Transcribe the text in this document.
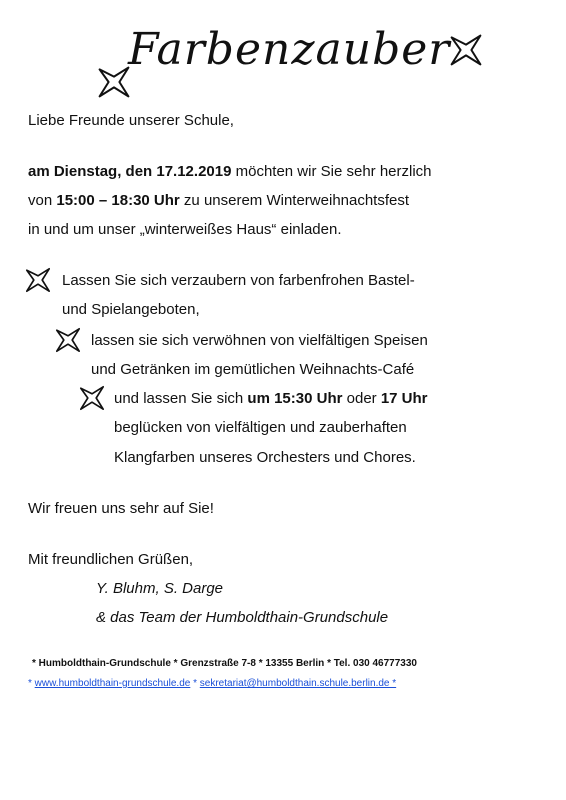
Farbenzauber
Liebe Freunde unserer Schule,
am Dienstag, den 17.12.2019 möchten wir Sie sehr herzlich
von 15:00 – 18:30 Uhr zu unserem Winterweihnachtsfest
in und um unser „winterweißes Haus“ einladen.
Lassen Sie sich verzaubern von farbenfrohen Bastel-
und Spielangeboten,
lassen sie sich verwöhnen von vielfältigen Speisen
und Getränken im gemütlichen Weihnachts-Café
und lassen Sie sich um 15:30 Uhr oder 17 Uhr
beglücken von vielfältigen und zauberhaften
Klangfarben unseres Orchesters und Chores.
Wir freuen uns sehr auf Sie!
Mit freundlichen Grüßen,
Y. Bluhm, S. Darge
& das Team der Humboldthain-Grundschule
* Humboldthain-Grundschule * Grenzstraße 7-8 * 13355 Berlin * Tel. 030 46777330
* www.humboldthain-grundschule.de * sekretariat@humboldthain.schule.berlin.de *
